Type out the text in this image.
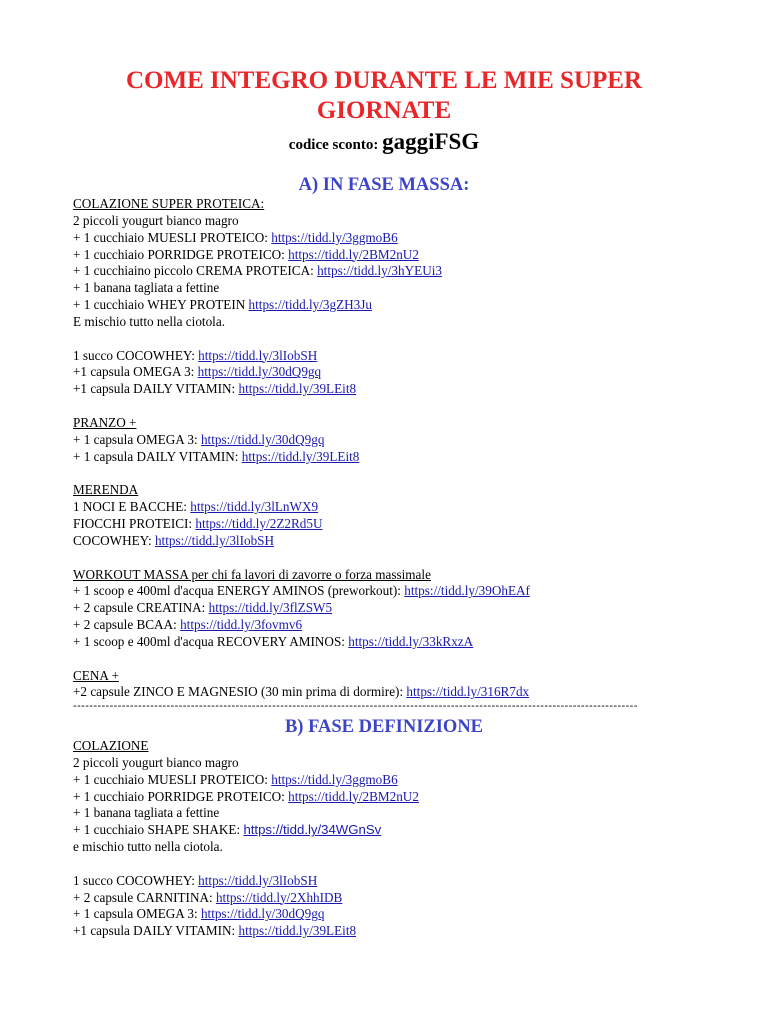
COME INTEGRO DURANTE LE MIE SUPER
GIORNATE
codice sconto: gaggiFSG
A) IN FASE MASSA:
COLAZIONE SUPER PROTEICA:
2 piccoli yougurt bianco magro
+ 1 cucchiaio MUESLI PROTEICO: https://tidd.ly/3ggmoB6
+ 1 cucchiaio PORRIDGE PROTEICO: https://tidd.ly/2BM2nU2
+ 1 cucchiaino piccolo CREMA PROTEICA: https://tidd.ly/3hYEUi3
+ 1 banana tagliata a fettine
+ 1 cucchiaio WHEY PROTEIN https://tidd.ly/3gZH3Ju
E mischio tutto nella ciotola.
1 succo COCOWHEY: https://tidd.ly/3lIobSH
+1 capsula OMEGA 3: https://tidd.ly/30dQ9gq
+1 capsula DAILY VITAMIN: https://tidd.ly/39LEit8
PRANZO +
+ 1 capsula OMEGA 3: https://tidd.ly/30dQ9gq
+ 1 capsula DAILY VITAMIN: https://tidd.ly/39LEit8
MERENDA
1 NOCI E BACCHE: https://tidd.ly/3lLnWX9
FIOCCHI PROTEICI: https://tidd.ly/2Z2Rd5U
COCOWHEY: https://tidd.ly/3lIobSH
WORKOUT MASSA per chi fa lavori di zavorre o forza massimale
+ 1 scoop e 400ml d'acqua ENERGY AMINOS (preworkout): https://tidd.ly/39OhEAf
+ 2 capsule CREATINA: https://tidd.ly/3flZSW5
+ 2 capsule BCAA: https://tidd.ly/3fovmv6
+ 1 scoop e 400ml d'acqua RECOVERY AMINOS: https://tidd.ly/33kRxzA
CENA +
+2 capsule ZINCO E MAGNESIO (30 min prima di dormire): https://tidd.ly/316R7dx
-------------------------------------------------------------------------------------------------------------------------------------------
B) FASE DEFINIZIONE
COLAZIONE
2 piccoli yougurt bianco magro
+ 1 cucchiaio MUESLI PROTEICO: https://tidd.ly/3ggmoB6
+ 1 cucchiaio PORRIDGE PROTEICO: https://tidd.ly/2BM2nU2
+ 1 banana tagliata a fettine
+ 1 cucchiaio SHAPE SHAKE: https://tidd.ly/34WGnSv
e mischio tutto nella ciotola.
1 succo COCOWHEY: https://tidd.ly/3lIobSH
+ 2 capsule CARNITINA: https://tidd.ly/2XhhIDB
+ 1 capsula OMEGA 3: https://tidd.ly/30dQ9gq
+1 capsula DAILY VITAMIN: https://tidd.ly/39LEit8
